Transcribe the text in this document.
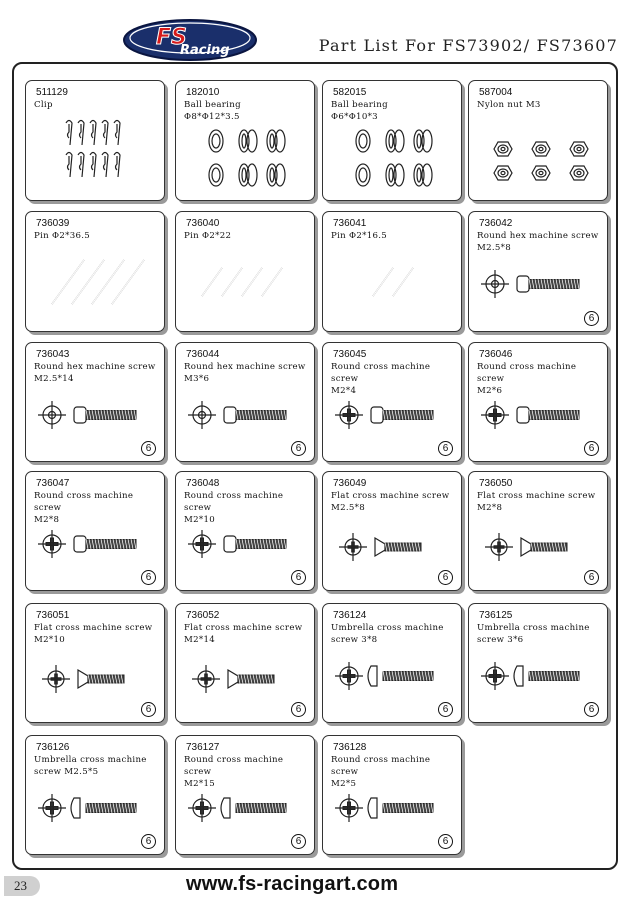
FS
Racing	Part List For FS73902/ FS73607
511129
Clip
182010
Ball bearing
Φ8*Φ12*3.5
582015
Ball bearing
Φ6*Φ10*3
587004
Nylon nut M3
736039
Pin Φ2*36.5
736040
Pin Φ2*22
736041
Pin Φ2*16.5
736042
Round hex machine screw
M2.5*8
6
736043
Round hex machine screw
M2.5*14
6
736044
Round hex machine screw
M3*6
6
736045
Round cross machine screw
M2*4
6
736046
Round cross machine screw
M2*6
6
736047
Round cross machine screw
M2*8
6
736048
Round cross machine screw
M2*10
6
736049
Flat cross machine screw
M2.5*8
6
736050
Flat cross machine screw
M2*8
6
736051
Flat cross machine screw
M2*10
6
736052
Flat cross machine screw
M2*14
6
736124
Umbrella cross machine
screw 3*8
6
736125
Umbrella cross machine
screw 3*6
6
736126
Umbrella cross machine
screw M2.5*5
6
736127
Round cross machine screw
M2*15
6
736128
Round cross machine screw
M2*5
6
23	www.fs-racingart.com
